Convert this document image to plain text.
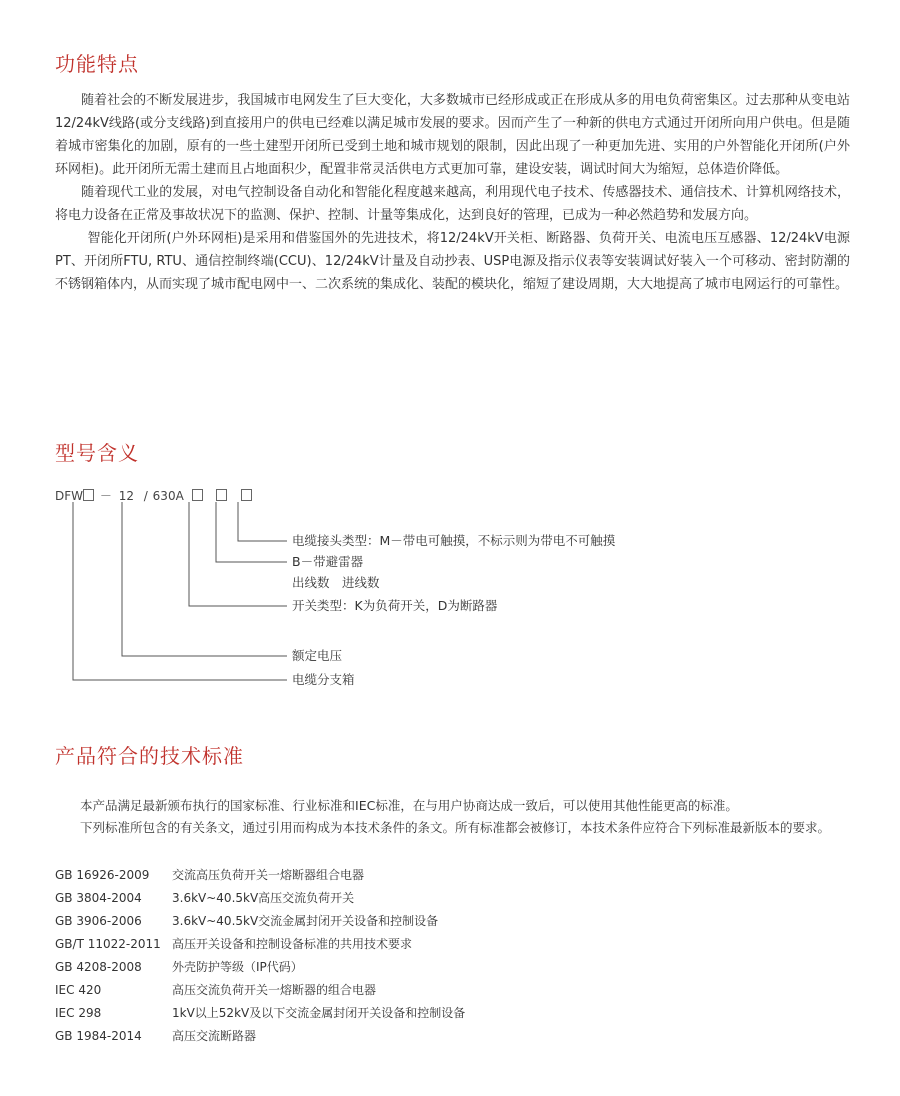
功能特点

随着社会的不断发展进步，我国城市电网发生了巨大变化，大多数城市已经形成或正在形成从多的用电负荷密集区。过去那种从变电站12/24kV线路(或分支线路)到直接用户的供电已经难以满足城市发展的要求。因而产生了一种新的供电方式通过开闭所向用户供电。但是随着城市密集化的加剧，原有的一些土建型开闭所已受到土地和城市规划的限制，因此出现了一种更加先进、实用的户外智能化开闭所(户外环网柜)。此开闭所无需土建而且占地面积少，配置非常灵活供电方式更加可靠，建设安装，调试时间大为缩短，总体造价降低。

随着现代工业的发展，对电气控制设备自动化和智能化程度越来越高，利用现代电子技术、传感器技术、通信技术、计算机网络技术，将电力设备在正常及事故状况下的监测、保护、控制、计量等集成化，达到良好的管理，已成为一种必然趋势和发展方向。

智能化开闭所(户外环网柜)是采用和借鉴国外的先进技术，将12/24kV开关柜、断路器、负荷开关、电流电压互感器、12/24kV电源PT、开闭所FTU, RTU、通信控制终端(CCU)、12/24kV计量及自动抄表、USP电源及指示仪表等安装调试好装入一个可移动、密封防潮的不锈钢箱体内，从而实现了城市配电网中一、二次系统的集成化、装配的模块化，缩短了建设周期，大大地提高了城市电网运行的可靠性。

型号含义
DFW － 12 / 630A
电缆接头类型：M－带电可触摸，不标示则为带电不可触摸
B－带避雷器
出线数　进线数
开关类型：K为负荷开关，D为断路器
额定电压
电缆分支箱
产品符合的技术标准

本产品满足最新颁布执行的国家标准、行业标准和IEC标准，在与用户协商达成一致后，可以使用其他性能更高的标准。

下列标准所包含的有关条文，通过引用而构成为本技术条件的条文。所有标准都会被修订，本技术条件应符合下列标准最新版本的要求。

GB 16926-2009 交流高压负荷开关一熔断器组合电器
GB 3804-2004	3.6kV~40.5kV高压交流负荷开关
GB 3906-2006	3.6kV~40.5kV交流金属封闭开关设备和控制设备
GB/T 11022-2011 高压开关设备和控制设备标准的共用技术要求
GB 4208-2008	外壳防护等级（IP代码）
IEC 420	高压交流负荷开关一熔断器的组合电器
IEC 298	1kV以上52kV及以下交流金属封闭开关设备和控制设备
GB 1984-2014	高压交流断路器
